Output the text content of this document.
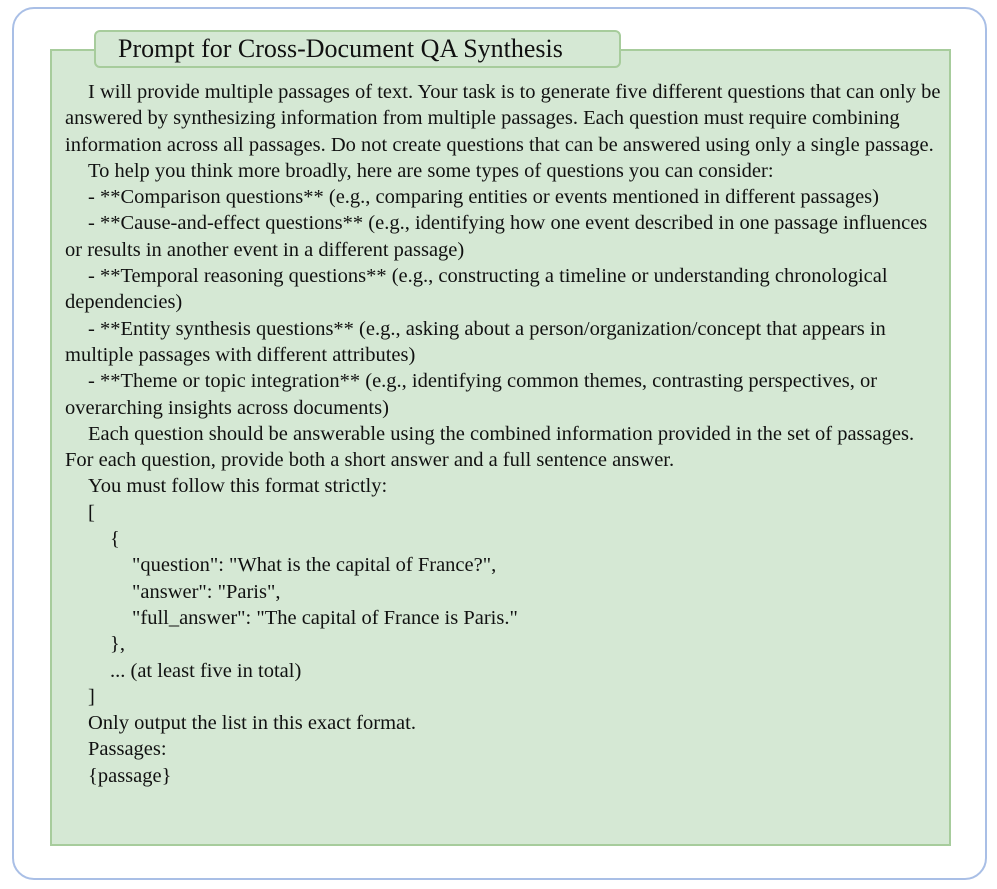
Prompt for Cross-Document QA Synthesis

I will provide multiple passages of text. Your task is to generate five different questions that can only be answered by synthesizing information from multiple passages. Each question must require combining information across all passages. Do not create questions that can be answered using only a single passage.

To help you think more broadly, here are some types of questions you can consider:

- **Comparison questions** (e.g., comparing entities or events mentioned in different passages)

- **Cause-and-effect questions** (e.g., identifying how one event described in one passage influences or results in another event in a different passage)

- **Temporal reasoning questions** (e.g., constructing a timeline or understanding chronological dependencies)

- **Entity synthesis questions** (e.g., asking about a person/organization/concept that appears in multiple passages with different attributes)

- **Theme or topic integration** (e.g., identifying common themes, contrasting perspectives, or overarching insights across documents)

Each question should be answerable using the combined information provided in the set of passages. For each question, provide both a short answer and a full sentence answer.

You must follow this format strictly:

[

{

"question": "What is the capital of France?",

"answer": "Paris",

"full_answer": "The capital of France is Paris."

},

... (at least five in total)

]

Only output the list in this exact format.

Passages:

{passage}
